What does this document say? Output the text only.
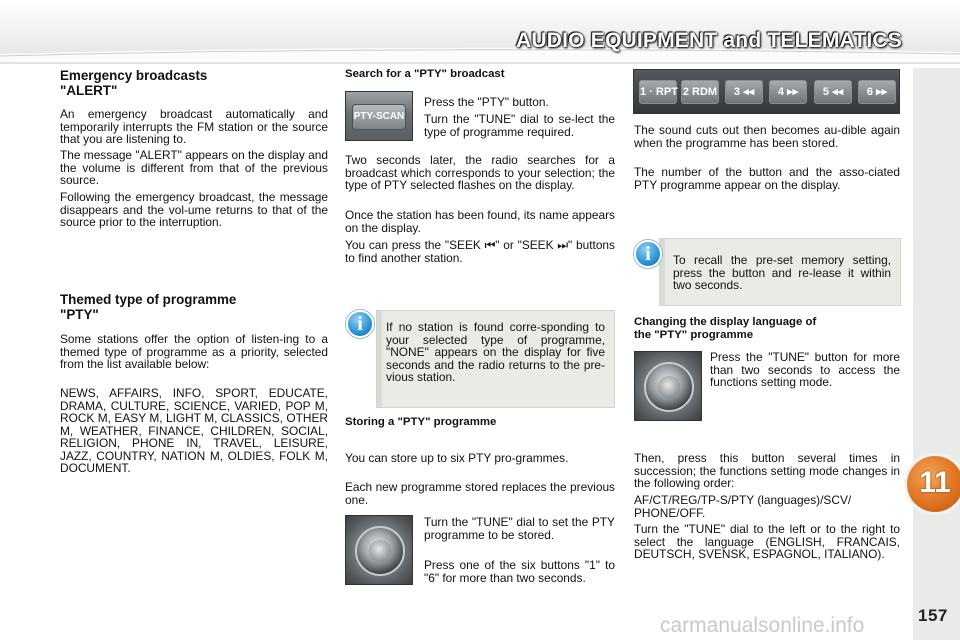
AUDIO EQUIPMENT and TELEMATICS
11
157
carmanualsonline.info
Emergency broadcasts
"ALERT"
An emergency broadcast automatically and temporarily interrupts the FM station or the source that you are listening to.
The message "ALERT" appears on the display and the volume is different from that of the previous source.
Following the emergency broadcast, the message disappears and the vol-ume returns to that of the source prior to the interruption.
Themed type of programme
"PTY"
Some stations offer the option of listen-ing to a themed type of programme as a priority, selected from the list available below:
NEWS, AFFAIRS, INFO, SPORT, EDUCATE, DRAMA, CULTURE, SCIENCE, VARIED, POP M, ROCK M, EASY M, LIGHT M, CLASSICS, OTHER M, WEATHER, FINANCE, CHILDREN, SOCIAL, RELIGION, PHONE IN, TRAVEL, LEISURE, JAZZ, COUNTRY, NATION M, OLDIES, FOLK M, DOCUMENT.
Search for a "PTY" broadcast
PTY-SCAN
Press the "PTY" button.
Turn the "TUNE" dial to se-lect the type of programme required.
Two seconds later, the radio searches for a broadcast which corresponds to your selection; the type of PTY selected flashes on the display.
Once the station has been found, its name appears on the display.
You can press the "SEEK ⏮" or "SEEK ⏭" buttons to find another station.
i	If no station is found corre-sponding to your selected type of programme, "NONE" appears on the display for five seconds and the radio returns to the pre-vious station.
Storing a "PTY" programme
You can store up to six PTY pro-grammes.
Each new programme stored replaces the previous one.
Turn the "TUNE" dial to set the PTY programme to be stored.
Press one of the six buttons "1" to "6" for more than two seconds.
1 · RPT 2 RDM	3 ◂◂	4 ▸▸	5 ◂◂	6 ▸▸
The sound cuts out then becomes au-dible again when the programme has been stored.
The number of the button and the asso-ciated PTY programme appear on the display.
i	To recall the pre-set memory setting, press the button and re-lease it within two seconds.
Changing the display language of
the "PTY" programme
Press the "TUNE" button for more than two seconds to access the functions setting mode.
Then, press this button several times in succession; the functions setting mode changes in the following order:
AF/CT/REG/TP-S/PTY (languages)/SCV/ PHONE/OFF.
Turn the "TUNE" dial to the left or to the right to select the language (ENGLISH, FRANCAIS, DEUTSCH, SVENSK, ESPAGNOL, ITALIANO).
